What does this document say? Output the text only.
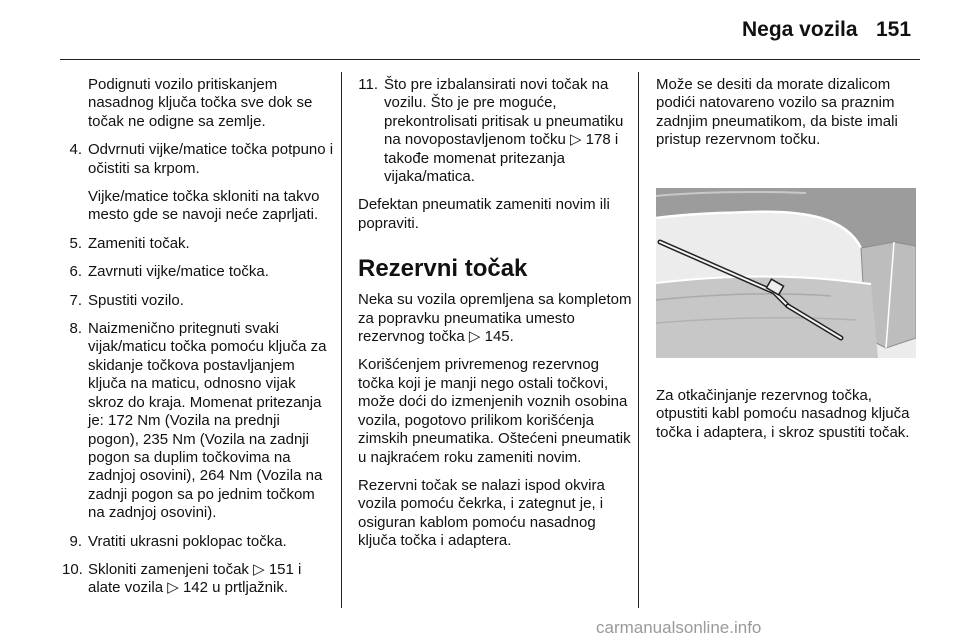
Nega vozila 151
Podignuti vozilo pritiskanjem nasadnog ključa točka sve dok se točak ne odigne sa zemlje.
4. Odvrnuti vijke/matice točka potpuno i očistiti sa krpom.
Vijke/matice točka skloniti na takvo mesto gde se navoji neće zaprljati.
5. Zameniti točak.
6. Zavrnuti vijke/matice točka.
7. Spustiti vozilo.
8. Naizmenično pritegnuti svaki vijak/maticu točka pomoću ključa za skidanje točkova postavljanjem ključa na maticu, odnosno vijak skroz do kraja. Momenat pritezanja je: 172 Nm (Vozila na prednji pogon), 235 Nm (Vozila na zadnji pogon sa duplim točkovima na zadnjoj osovini), 264 Nm (Vozila na zadnji pogon sa po jednim točkom na zadnjoj osovini).
9. Vratiti ukrasni poklopac točka.
10. Skloniti zamenjeni točak ▷ 151 i alate vozila ▷ 142 u prtljažnik.
11. Što pre izbalansirati novi točak na vozilu. Što je pre moguće, prekontrolisati pritisak u pneumatiku na novopostavljenom točku ▷ 178 i takođe momenat pritezanja vijaka/matica.

Defektan pneumatik zameniti novim ili popraviti.

Rezervni točak

Neka su vozila opremljena sa kompletom za popravku pneumatika umesto rezervnog točka ▷ 145.

Korišćenjem privremenog rezervnog točka koji je manji nego ostali točkovi, može doći do izmenjenih voznih osobina vozila, pogotovo prilikom korišćenja zimskih pneumatika. Oštećeni pneumatik u najkraćem roku zameniti novim.

Rezervni točak se nalazi ispod okvira vozila pomoću čekrka, i zategnut je, i osiguran kablom pomoću nasadnog ključa točka i adaptera.

Može se desiti da morate dizalicom podići natovareno vozilo sa praznim zadnjim pneumatikom, da biste imali pristup rezervnom točku.

Za otkačinjanje rezervnog točka, otpustiti kabl pomoću nasadnog ključa točka i adaptera, i skroz spustiti točak.

carmanualsonline.info
